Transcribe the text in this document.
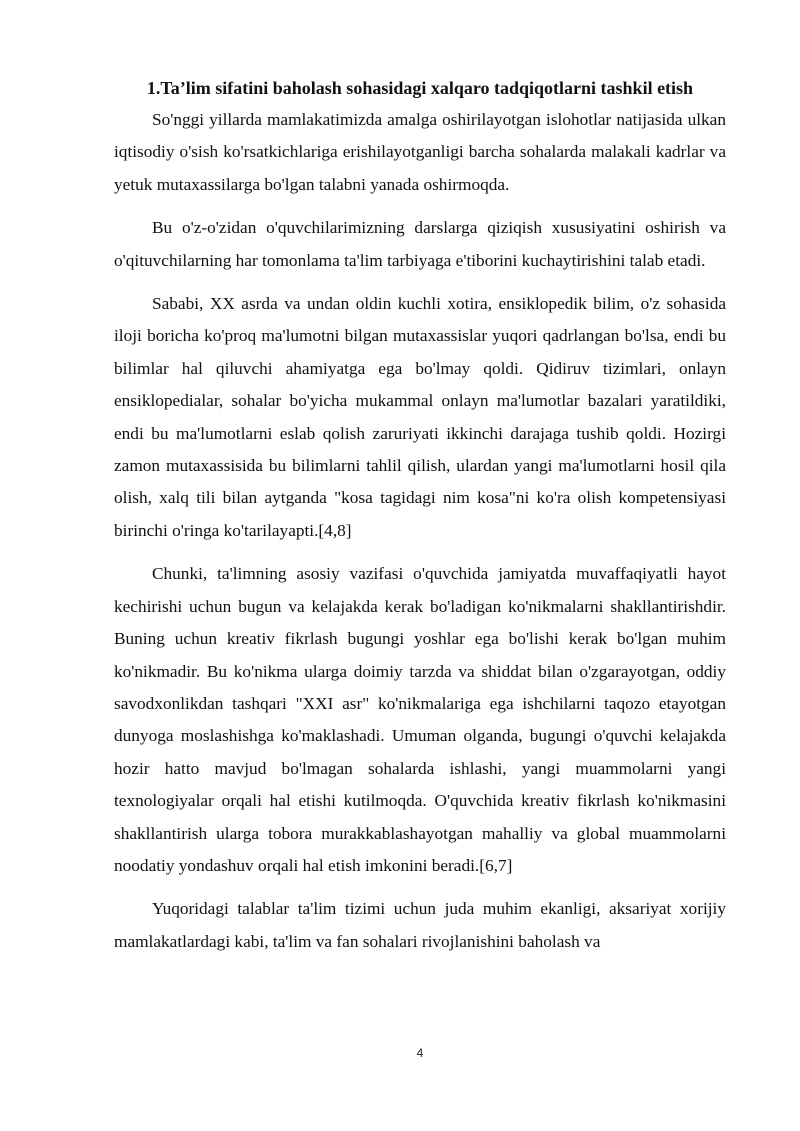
1.Ta’lim sifatini baholash sohasidagi xalqaro tadqiqotlarni tashkil etish

So'nggi yillarda mamlakatimizda amalga oshirilayotgan islohotlar natijasida ulkan iqtisodiy o'sish ko'rsatkichlariga erishilayotganligi barcha sohalarda malakali kadrlar va yetuk mutaxassilarga bo'lgan talabni yanada oshirmoqda.

Bu o'z-o'zidan o'quvchilarimizning darslarga qiziqish xususiyatini oshirish va o'qituvchilarning har tomonlama ta'lim tarbiyaga e'tiborini kuchaytirishini talab etadi.

Sababi, XX asrda va undan oldin kuchli xotira, ensiklopedik bilim, o'z sohasida iloji boricha ko'proq ma'lumotni bilgan mutaxassislar yuqori qadrlangan bo'lsa, endi bu bilimlar hal qiluvchi ahamiyatga ega bo'lmay qoldi. Qidiruv tizimlari, onlayn ensiklopedialar, sohalar bo'yicha mukammal onlayn ma'lumotlar bazalari yaratildiki, endi bu ma'lumotlarni eslab qolish zaruriyati ikkinchi darajaga tushib qoldi. Hozirgi zamon mutaxassisida bu bilimlarni tahlil qilish, ulardan yangi ma'lumotlarni hosil qila olish, xalq tili bilan aytganda "kosa tagidagi nim kosa"ni ko'ra olish kompetensiyasi birinchi o'ringa ko'tarilayapti.[4,8]

Chunki, ta'limning asosiy vazifasi o'quvchida jamiyatda muvaffaqiyatli hayot kechirishi uchun bugun va kelajakda kerak bo'ladigan ko'nikmalarni shakllantirishdir. Buning uchun kreativ fikrlash bugungi yoshlar ega bo'lishi kerak bo'lgan muhim ko'nikmadir. Bu ko'nikma ularga doimiy tarzda va shiddat bilan o'zgarayotgan, oddiy savodxonlikdan tashqari "XXI asr" ko'nikmalariga ega ishchilarni taqozo etayotgan dunyoga moslashishga ko'maklashadi. Umuman olganda, bugungi o'quvchi kelajakda hozir hatto mavjud bo'lmagan sohalarda ishlashi, yangi muammolarni yangi texnologiyalar orqali hal etishi kutilmoqda. O'quvchida kreativ fikrlash ko'nikmasini shakllantirish ularga tobora murakkablashayotgan mahalliy va global muammolarni noodatiy yondashuv orqali hal etish imkonini beradi.[6,7]

Yuqoridagi talablar ta'lim tizimi uchun juda muhim ekanligi, aksariyat xorijiy mamlakatlardagi kabi, ta'lim va fan sohalari rivojlanishini baholash va

4
